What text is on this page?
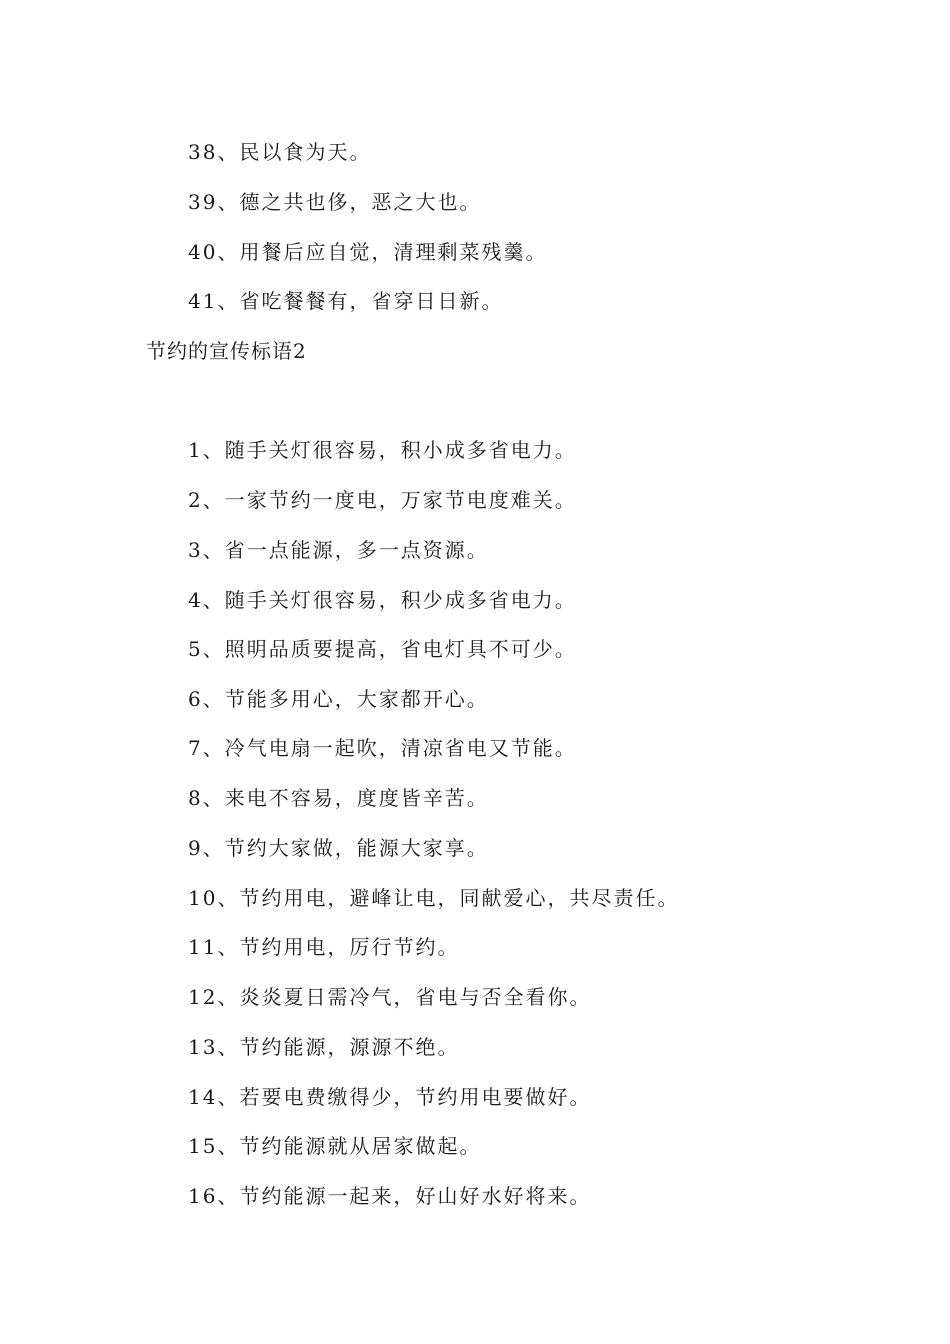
38、民以食为天。
39、德之共也侈，恶之大也。
40、用餐后应自觉，清理剩菜残羹。
41、省吃餐餐有，省穿日日新。
节约的宣传标语2
1、随手关灯很容易，积小成多省电力。
2、一家节约一度电，万家节电度难关。
3、省一点能源，多一点资源。
4、随手关灯很容易，积少成多省电力。
5、照明品质要提高，省电灯具不可少。
6、节能多用心，大家都开心。
7、冷气电扇一起吹，清凉省电又节能。
8、来电不容易，度度皆辛苦。
9、节约大家做，能源大家享。
10、节约用电，避峰让电，同献爱心，共尽责任。
11、节约用电，厉行节约。
12、炎炎夏日需冷气，省电与否全看你。
13、节约能源，源源不绝。
14、若要电费缴得少，节约用电要做好。
15、节约能源就从居家做起。
16、节约能源一起来，好山好水好将来。
